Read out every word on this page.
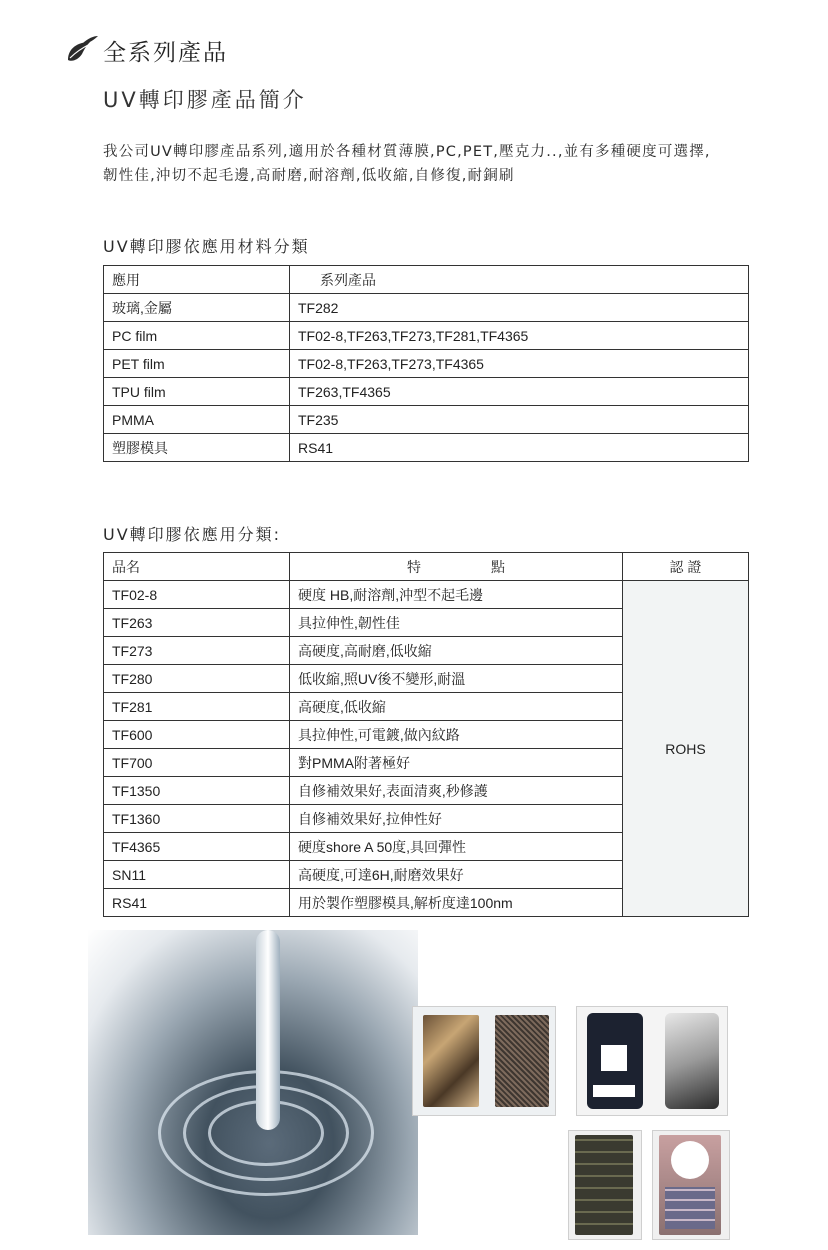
全系列產品
UV轉印膠產品簡介
我公司UV轉印膠產品系列,適用於各種材質薄膜,PC,PET,壓克力..,並有多種硬度可選擇,
韌性佳,沖切不起毛邊,高耐磨,耐溶劑,低收縮,自修復,耐銅刷
UV轉印膠依應用材料分類
應用	系列產品
玻璃,金屬	TF282
PC film	TF02-8,TF263,TF273,TF281,TF4365
PET film	TF02-8,TF263,TF273,TF4365
TPU film	TF263,TF4365
PMMA	TF235
塑膠模具	RS41
UV轉印膠依應用分類:
品名	特　　　　　點	認 證
TF02-8	硬度 HB,耐溶劑,沖型不起毛邊	ROHS
TF263	具拉伸性,韌性佳	
TF273	高硬度,高耐磨,低收縮	
TF280	低收縮,照UV後不變形,耐溫	
TF281	高硬度,低收縮	
TF600	具拉伸性,可電鍍,做內紋路	
TF700	對PMMA附著極好	
TF1350	自修補效果好,表面清爽,秒修護	
TF1360	自修補效果好,拉伸性好	
TF4365	硬度shore A 50度,具回彈性	
SN11	高硬度,可達6H,耐磨效果好	
RS41	用於製作塑膠模具,解析度達100nm	
